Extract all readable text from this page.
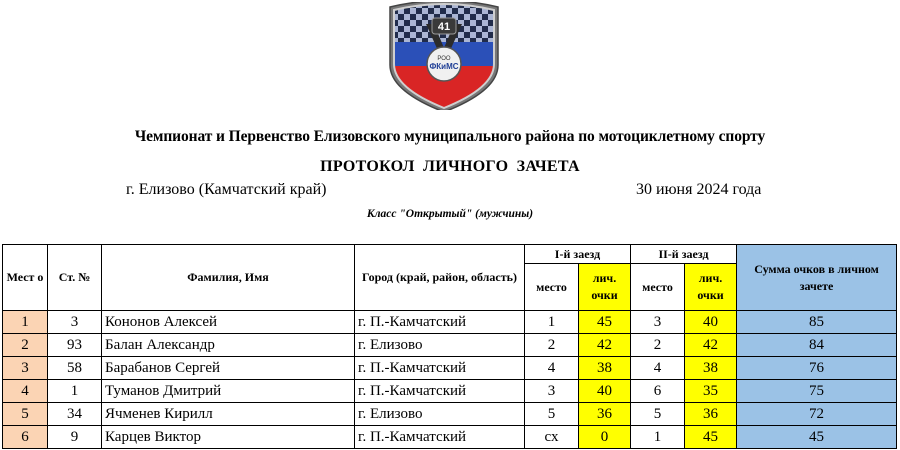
41
РОО
ФКиМС
Чемпионат и Первенство Елизовского муниципального района по мотоциклетному спорту
ПРОТОКОЛ ЛИЧНОГО ЗАЧЕТА
г. Елизово (Камчатский край)	30 июня 2024 года
Класс "Открытый" (мужчины)
Мест о	Ст. №	Фамилия, Имя	Город (край, район, область)	I-й заезд		II-й заезд		Сумма очков в личном зачете
				место	лич. очки	место	лич. очки	
1	3	Кононов Алексей	г. П.-Камчатский	1	45	3	40	85
2	93	Балан Александр	г. Елизово	2	42	2	42	84
3	58	Барабанов Сергей	г. П.-Камчатский	4	38	4	38	76
4	1	Туманов Дмитрий	г. П.-Камчатский	3	40	6	35	75
5	34	Ячменев Кирилл	г. Елизово	5	36	5	36	72
6	9	Карцев Виктор	г. П.-Камчатский	сх	0	1	45	45
